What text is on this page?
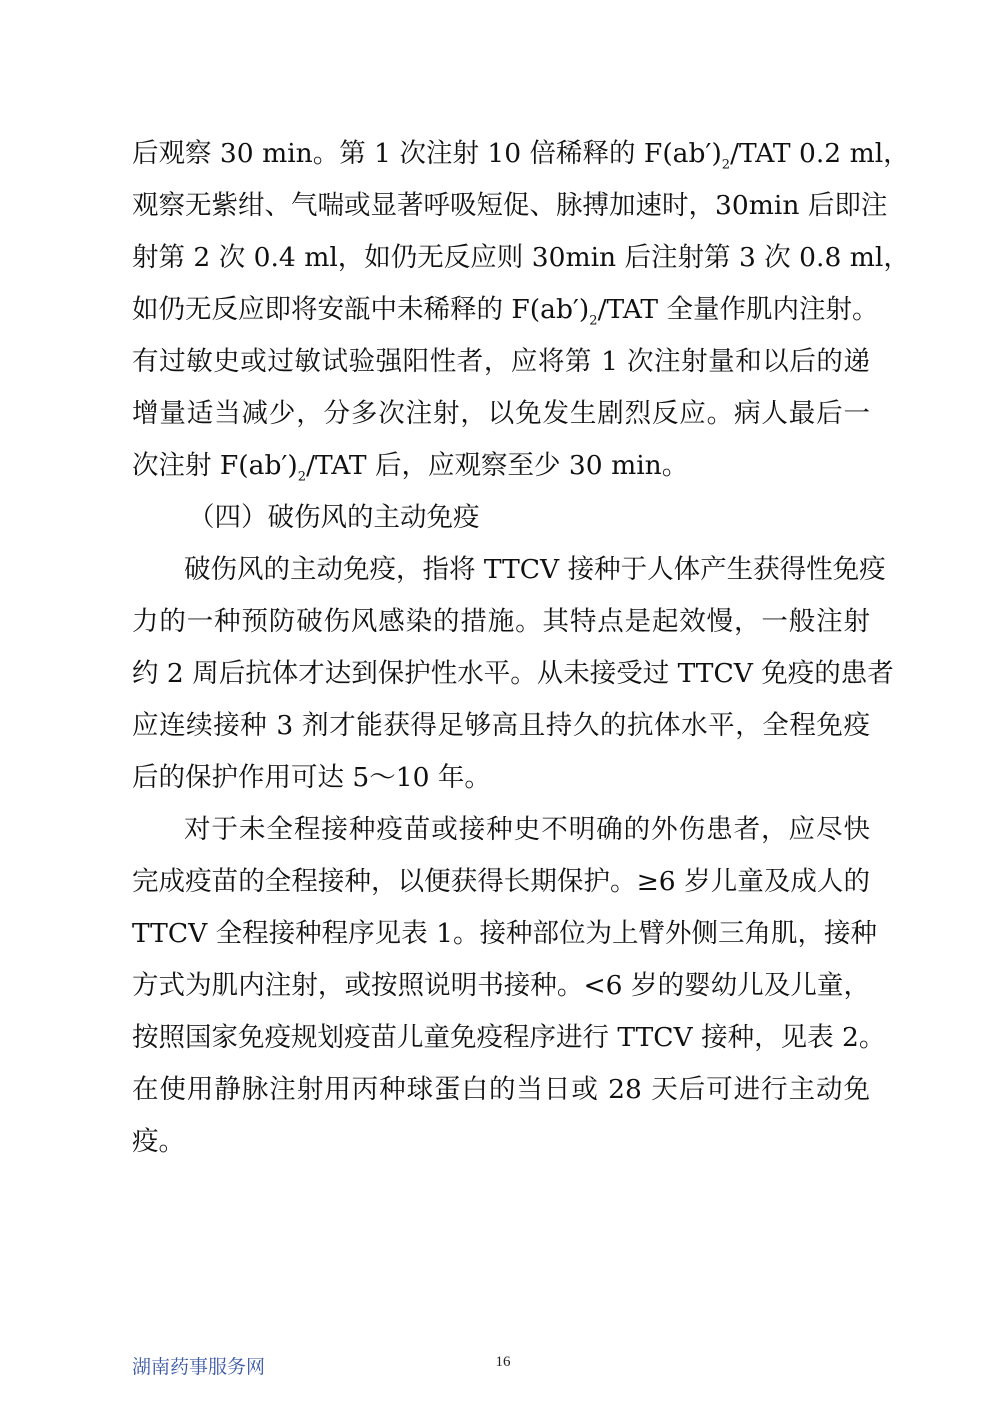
后观察 30 min。第 1 次注射 10 倍稀释的 $F(ab')_2$/TAT 0.2 ml，
观察无紫绀、气喘或显著呼吸短促、脉搏加速时，30min 后即注
射第 2 次 0.4 ml，如仍无反应则 30min 后注射第 3 次 0.8 ml，
如仍无反应即将安瓿中未稀释的 $F(ab')_2$/TAT 全量作肌内注射。
有过敏史或过敏试验强阳性者，应将第 1 次注射量和以后的递
增量适当减少，分多次注射，以免发生剧烈反应。病人最后一
次注射 $F(ab')_2$/TAT 后，应观察至少 30 min。
（四）破伤风的主动免疫
破伤风的主动免疫，指将 TTCV 接种于人体产生获得性免疫
力的一种预防破伤风感染的措施。其特点是起效慢，一般注射
约 2 周后抗体才达到保护性水平。从未接受过 TTCV 免疫的患者
应连续接种 3 剂才能获得足够高且持久的抗体水平，全程免疫
后的保护作用可达 5～10 年。
对于未全程接种疫苗或接种史不明确的外伤患者，应尽快
完成疫苗的全程接种，以便获得长期保护。≥6 岁儿童及成人的
TTCV 全程接种程序见表 1。接种部位为上臂外侧三角肌，接种
方式为肌内注射，或按照说明书接种。<6 岁的婴幼儿及儿童，
按照国家免疫规划疫苗儿童免疫程序进行 TTCV 接种，见表 2。
在使用静脉注射用丙种球蛋白的当日或 28 天后可进行主动免
疫。
湖南药事服务网	16
